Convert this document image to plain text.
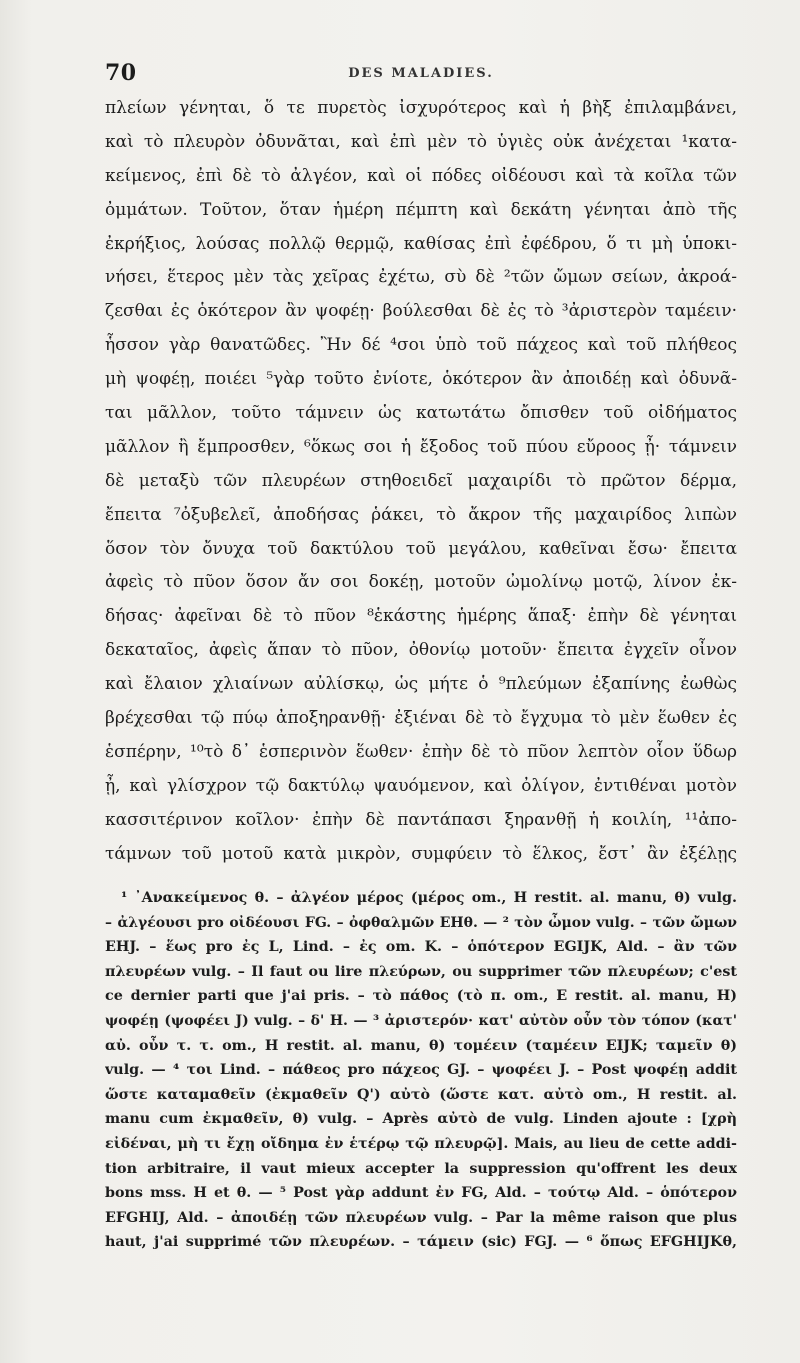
70	DES MALADIES.
πλείων γένηται, ὅ τε πυρετὸς ἰσχυρότερος καὶ ἡ βὴξ ἐπιλαμβάνει,
καὶ τὸ πλευρὸν ὀδυνᾶται, καὶ ἐπὶ μὲν τὸ ὑγιὲς οὐκ ἀνέχεται ¹κατα-
κείμενος, ἐπὶ δὲ τὸ ἀλγέον, καὶ οἱ πόδες οἰδέουσι καὶ τὰ κοῖλα τῶν
ὀμμάτων. Τοῦτον, ὅταν ἡμέρη πέμπτη καὶ δεκάτη γένηται ἀπὸ τῆς
ἐκρήξιος, λούσας πολλῷ θερμῷ, καθίσας ἐπὶ ἐφέδρου, ὅ τι μὴ ὑποκι-
νήσει, ἕτερος μὲν τὰς χεῖρας ἐχέτω, σὺ δὲ ²τῶν ὤμων σείων, ἀκροά-
ζεσθαι ἐς ὁκότερον ἂν ψοφέῃ· βούλεσθαι δὲ ἐς τὸ ³ἀριστερὸν ταμέειν·
ἧσσον γὰρ θανατῶδες. Ἢν δέ ⁴σοι ὑπὸ τοῦ πάχεος καὶ τοῦ πλήθεος
μὴ ψοφέῃ, ποιέει ⁵γὰρ τοῦτο ἐνίοτε, ὁκότερον ἂν ἀποιδέῃ καὶ ὀδυνᾶ-
ται μᾶλλον, τοῦτο τάμνειν ὡς κατωτάτω ὄπισθεν τοῦ οἰδήματος
μᾶλλον ἢ ἔμπροσθεν, ⁶ὅκως σοι ἡ ἔξοδος τοῦ πύου εὔροος ᾖ· τάμνειν
δὲ μεταξὺ τῶν πλευρέων στηθοειδεῖ μαχαιρίδι τὸ πρῶτον δέρμα,
ἔπειτα ⁷ὀξυβελεῖ, ἀποδήσας ῥάκει, τὸ ἄκρον τῆς μαχαιρίδος λιπὼν
ὅσον τὸν ὄνυχα τοῦ δακτύλου τοῦ μεγάλου, καθεῖναι ἔσω· ἔπειτα
ἀφεὶς τὸ πῦον ὅσον ἄν σοι δοκέῃ, μοτοῦν ὠμολίνῳ μοτῷ, λίνον ἐκ-
δήσας· ἀφεῖναι δὲ τὸ πῦον ⁸ἑκάστης ἡμέρης ἅπαξ· ἐπὴν δὲ γένηται
δεκαταῖος, ἀφεὶς ἅπαν τὸ πῦον, ὀθονίῳ μοτοῦν· ἔπειτα ἐγχεῖν οἶνον
καὶ ἔλαιον χλιαίνων αὐλίσκῳ, ὡς μήτε ὁ ⁹πλεύμων ἐξαπίνης ἐωθὼς
βρέχεσθαι τῷ πύῳ ἀποξηρανθῇ· ἐξιέναι δὲ τὸ ἔγχυμα τὸ μὲν ἕωθεν ἐς
ἑσπέρην, ¹⁰τὸ δ᾽ ἑσπερινὸν ἕωθεν· ἐπὴν δὲ τὸ πῦον λεπτὸν οἷον ὕδωρ
ᾖ, καὶ γλίσχρον τῷ δακτύλῳ ψαυόμενον, καὶ ὀλίγον, ἐντιθέναι μοτὸν
κασσιτέρινον κοῖλον· ἐπὴν δὲ παντάπασι ξηρανθῇ ἡ κοιλίη, ¹¹ἀπο-
τάμνων τοῦ μοτοῦ κατὰ μικρὸν, συμφύειν τὸ ἕλκος, ἔστ᾽ ἂν ἐξέλῃς
¹ ᾿Ανακείμενος θ. – ἀλγέον μέρος (μέρος om., H restit. al. manu, θ) vulg.
– ἀλγέουσι pro οἰδέουσι FG. – ὀφθαλμῶν EHθ. — ² τὸν ὦμον vulg. – τῶν ὤμων
EHJ. – ἕως pro ἐς L, Lind. – ἐς om. K. – ὁπότερον EGIJK, Ald. – ἂν τῶν
πλευρέων vulg. – Il faut ou lire πλεύρων, ou supprimer τῶν πλευρέων; c'est
ce dernier parti que j'ai pris. – τὸ πάθος (τὸ π. om., E restit. al. manu, H)
ψοφέῃ (ψοφέει J) vulg. – δ' H. — ³ ἀριστερόν· κατ' αὐτὸν οὖν τὸν τόπον (κατ'
αὐ. οὖν τ. τ. om., H restit. al. manu, θ) τομέειν (ταμέειν EIJK; ταμεῖν θ)
vulg. — ⁴ τοι Lind. – πάθεος pro πάχεος GJ. – ψοφέει J. – Post ψοφέῃ addit
ὥστε καταμαθεῖν (ἐκμαθεῖν Q') αὐτὸ (ὥστε κατ. αὐτὸ om., H restit. al.
manu cum ἐκμαθεῖν, θ) vulg. – Après αὐτὸ de vulg. Linden ajoute : [χρὴ
εἰδέναι, μὴ τι ἔχῃ οἴδημα ἐν ἑτέρῳ τῷ πλευρῷ]. Mais, au lieu de cette addi-
tion arbitraire, il vaut mieux accepter la suppression qu'offrent les deux
bons mss. H et θ. — ⁵ Post γὰρ addunt ἐν FG, Ald. – τούτῳ Ald. – ὁπότερον
EFGHIJ, Ald. – ἀποιδέῃ τῶν πλευρέων vulg. – Par la même raison que plus
haut, j'ai supprimé τῶν πλευρέων. – τάμειν (sic) FGJ. — ⁶ ὅπως EFGHIJKθ,
